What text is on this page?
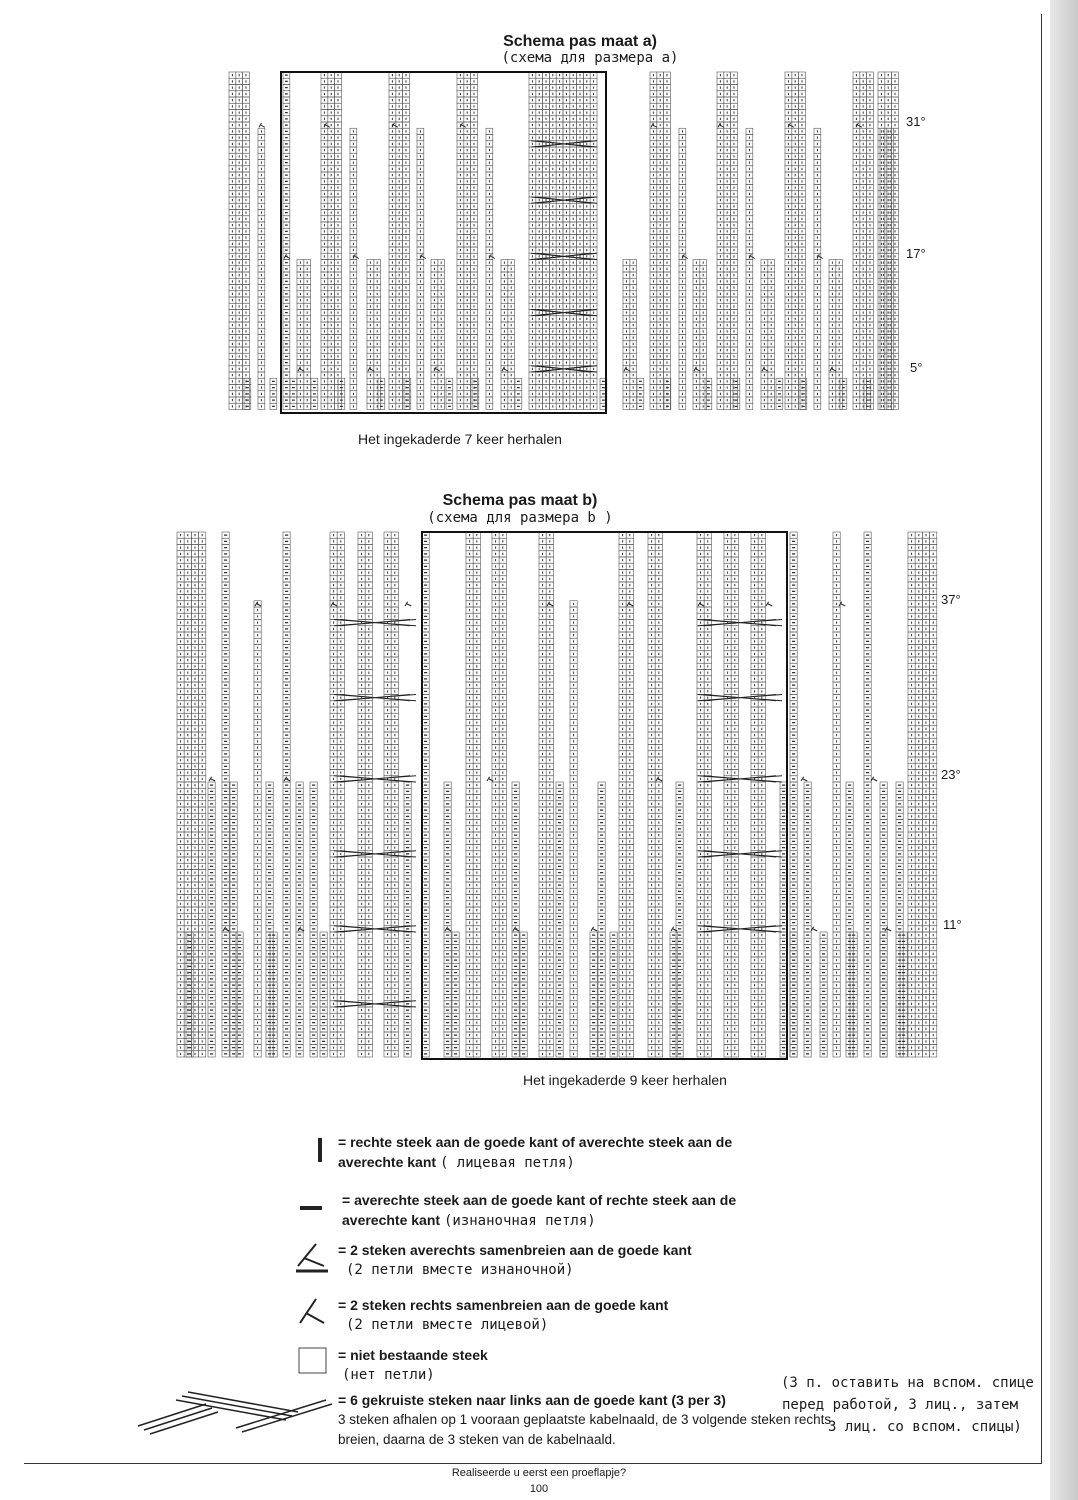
Schema pas maat a)
(схема для размера a)
31°
17°
5°
Het ingekaderde 7 keer herhalen
Schema pas maat b)
(схема для размера b )
37°
23°
11°
Het ingekaderde 9 keer herhalen
= rechte steek aan de goede kant of averechte steek aan de
averechte kant ( лицевая петля)
= averechte steek aan de goede kant of rechte steek aan de
averechte kant (изнаночная петля)
= 2 steken averechts samenbreien aan de goede kant
(2 петли вместе изнаночной)
= 2 steken rechts samenbreien aan de goede kant
(2 петли вместе лицевой)
= niet bestaande steek
(нет петли)
= 6 gekruiste steken naar links aan de goede kant (3 per 3)
3 steken afhalen op 1 vooraan geplaatste kabelnaald, de 3 volgende steken rechts
breien, daarna de 3 steken van de kabelnaald.
(3 п. оставить на вспом. спице
перед работой, 3 лиц., затем
3 лиц. со вспом. спицы)
Realiseerde u eerst een proeflapje?
100
